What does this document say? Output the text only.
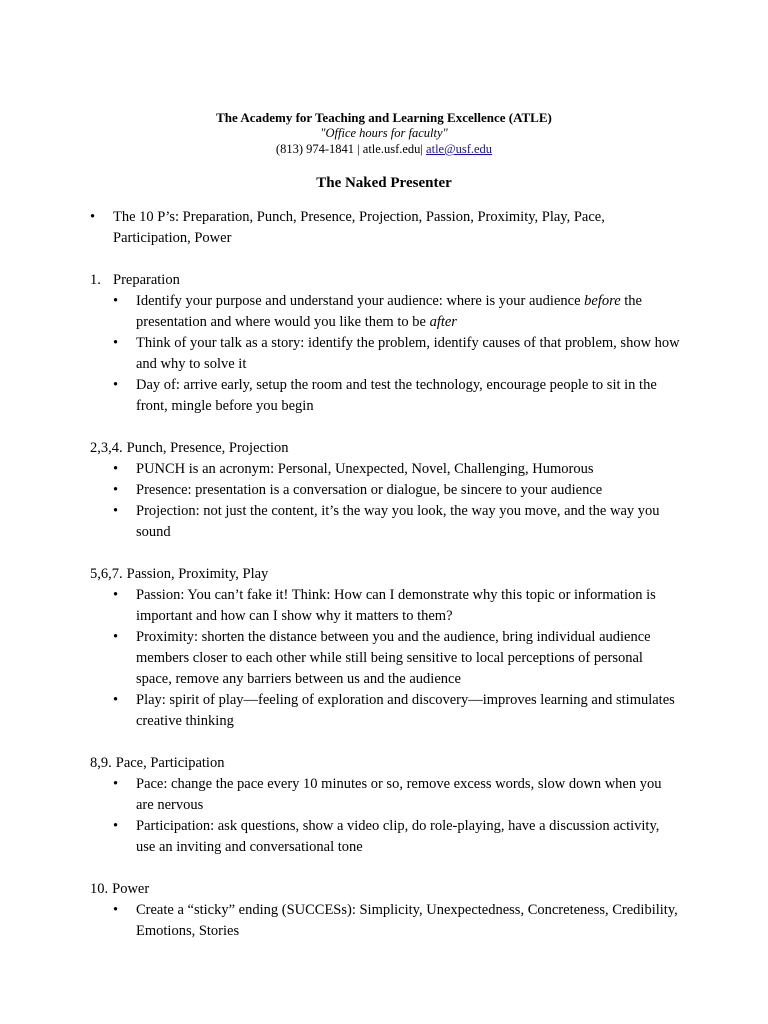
The Academy for Teaching and Learning Excellence (ATLE)
"Office hours for faculty"
(813) 974-1841 | atle.usf.edu| atle@usf.edu
The Naked Presenter
•
The 10 P’s: Preparation, Punch, Presence, Projection, Passion, Proximity, Play, Pace, Participation, Power
1. Preparation
•
Identify your purpose and understand your audience: where is your audience before the presentation and where would you like them to be after
•
Think of your talk as a story: identify the problem, identify causes of that problem, show how and why to solve it
•
Day of: arrive early, setup the room and test the technology, encourage people to sit in the front, mingle before you begin
2,3,4. Punch, Presence, Projection
•
PUNCH is an acronym: Personal, Unexpected, Novel, Challenging, Humorous
•
Presence: presentation is a conversation or dialogue, be sincere to your audience
•
Projection: not just the content, it’s the way you look, the way you move, and the way you sound
5,6,7. Passion, Proximity, Play
•
Passion: You can’t fake it! Think: How can I demonstrate why this topic or information is important and how can I show why it matters to them?
•
Proximity: shorten the distance between you and the audience, bring individual audience members closer to each other while still being sensitive to local perceptions of personal space, remove any barriers between us and the audience
•
Play: spirit of play—feeling of exploration and discovery—improves learning and stimulates creative thinking
8,9. Pace, Participation
•
Pace: change the pace every 10 minutes or so, remove excess words, slow down when you are nervous
•
Participation: ask questions, show a video clip, do role-playing, have a discussion activity, use an inviting and conversational tone
10. Power
•
Create a “sticky” ending (SUCCESs): Simplicity, Unexpectedness, Concreteness, Credibility, Emotions, Stories
